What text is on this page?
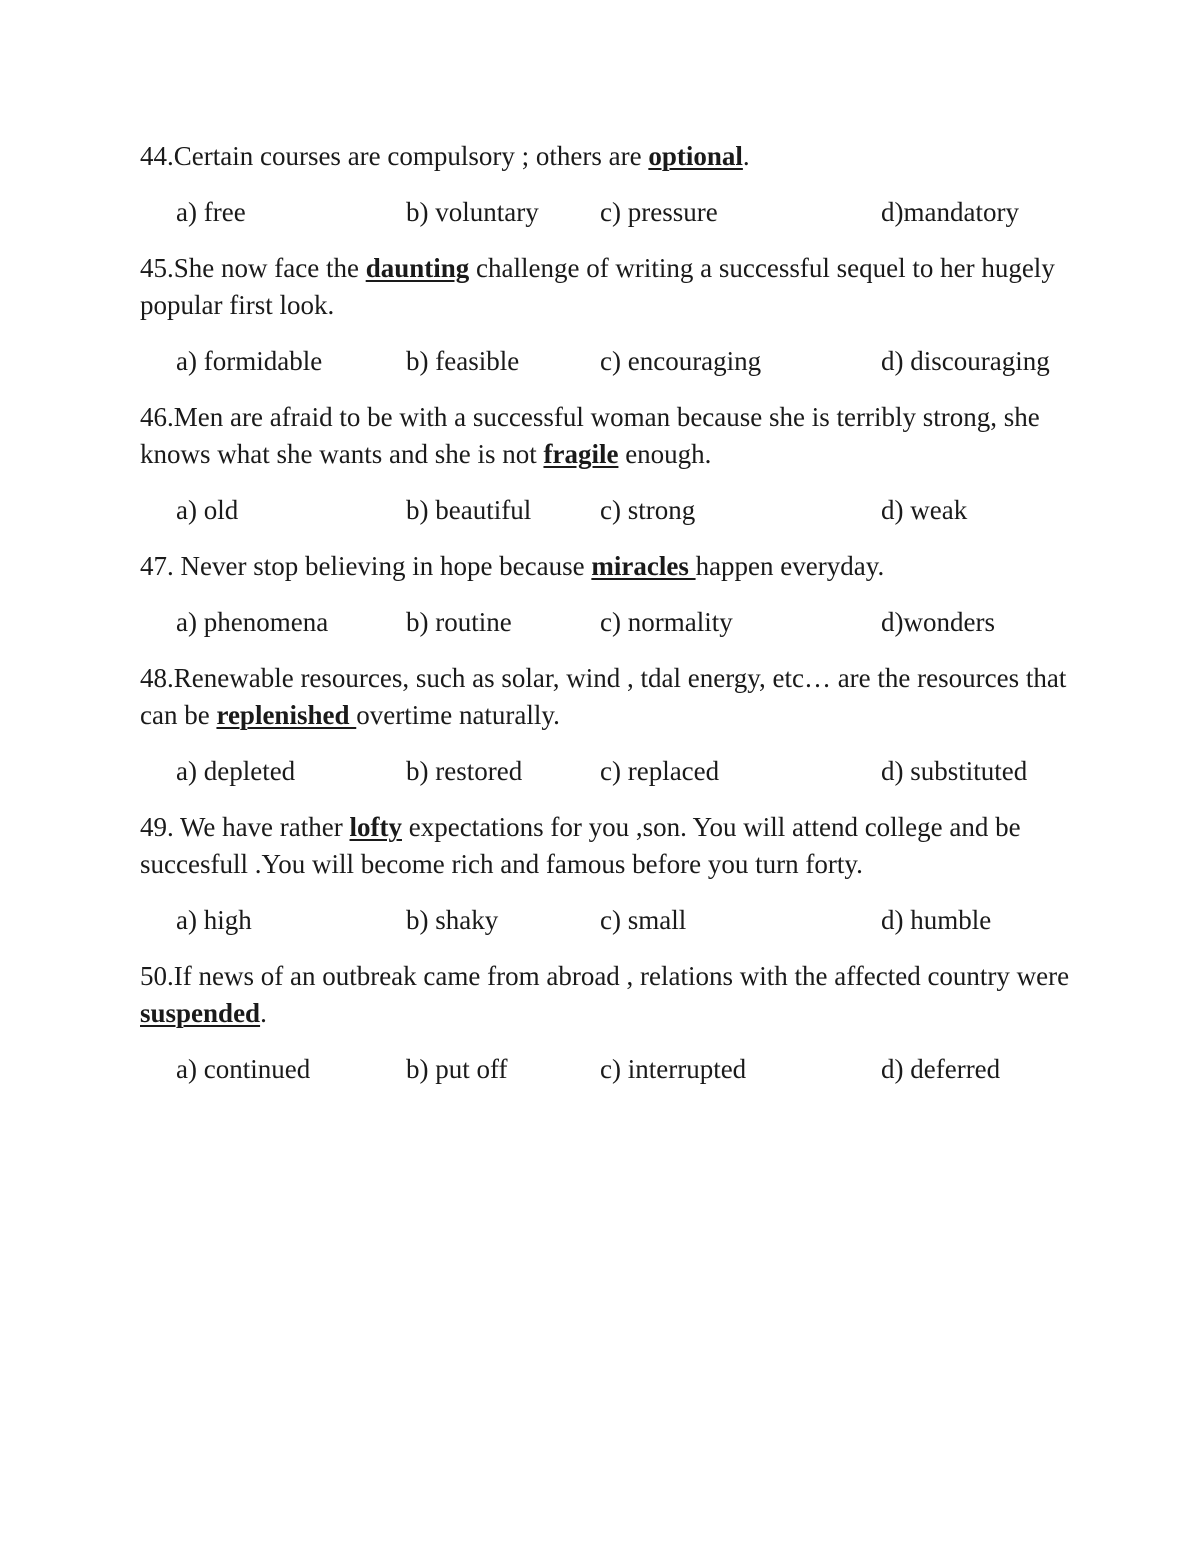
44.Certain courses are compulsory ; others are optional.

a) free	b) voluntary c) pressure	d)mandatory

45.She now face the daunting challenge of writing a successful sequel to her hugely popular first look.

a) formidable	b) feasible	c) encouraging	d) discouraging

46.Men are afraid to be with a successful woman because she is terribly strong, she knows what she wants and she is not fragile enough.

a) old	b) beautiful	c) strong	d) weak

47. Never stop believing in hope because miracles happen everyday.

a) phenomena	b) routine	c) normality	d)wonders

48.Renewable resources, such as solar, wind , tdal energy, etc… are the resources that can be replenished overtime naturally.

a) depleted	b) restored	c) replaced	d) substituted

49. We have rather lofty expectations for you ,son. You will attend college and be succesfull .You will become rich and famous before you turn forty.

a) high	b) shaky	c) small	d) humble

50.If news of an outbreak came from abroad , relations with the affected country were suspended.

a) continued	b) put off	c) interrupted	d) deferred
